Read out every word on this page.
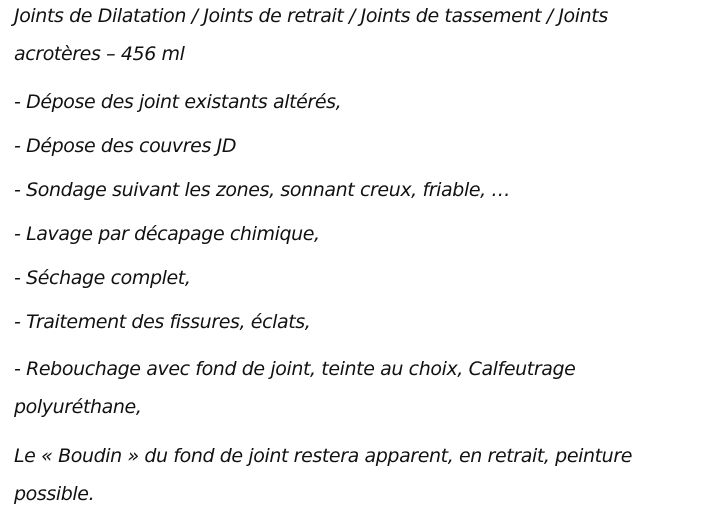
Joints de Dilatation / Joints de retrait / Joints de tassement / Joints acrotères – 456 ml

- Dépose des joint existants altérés,

- Dépose des couvres JD

- Sondage suivant les zones, sonnant creux, friable, …

- Lavage par décapage chimique,

- Séchage complet,

- Traitement des fissures, éclats,

- Rebouchage avec fond de joint, teinte au choix, Calfeutrage polyuréthane,

Le « Boudin » du fond de joint restera apparent, en retrait, peinture possible.
